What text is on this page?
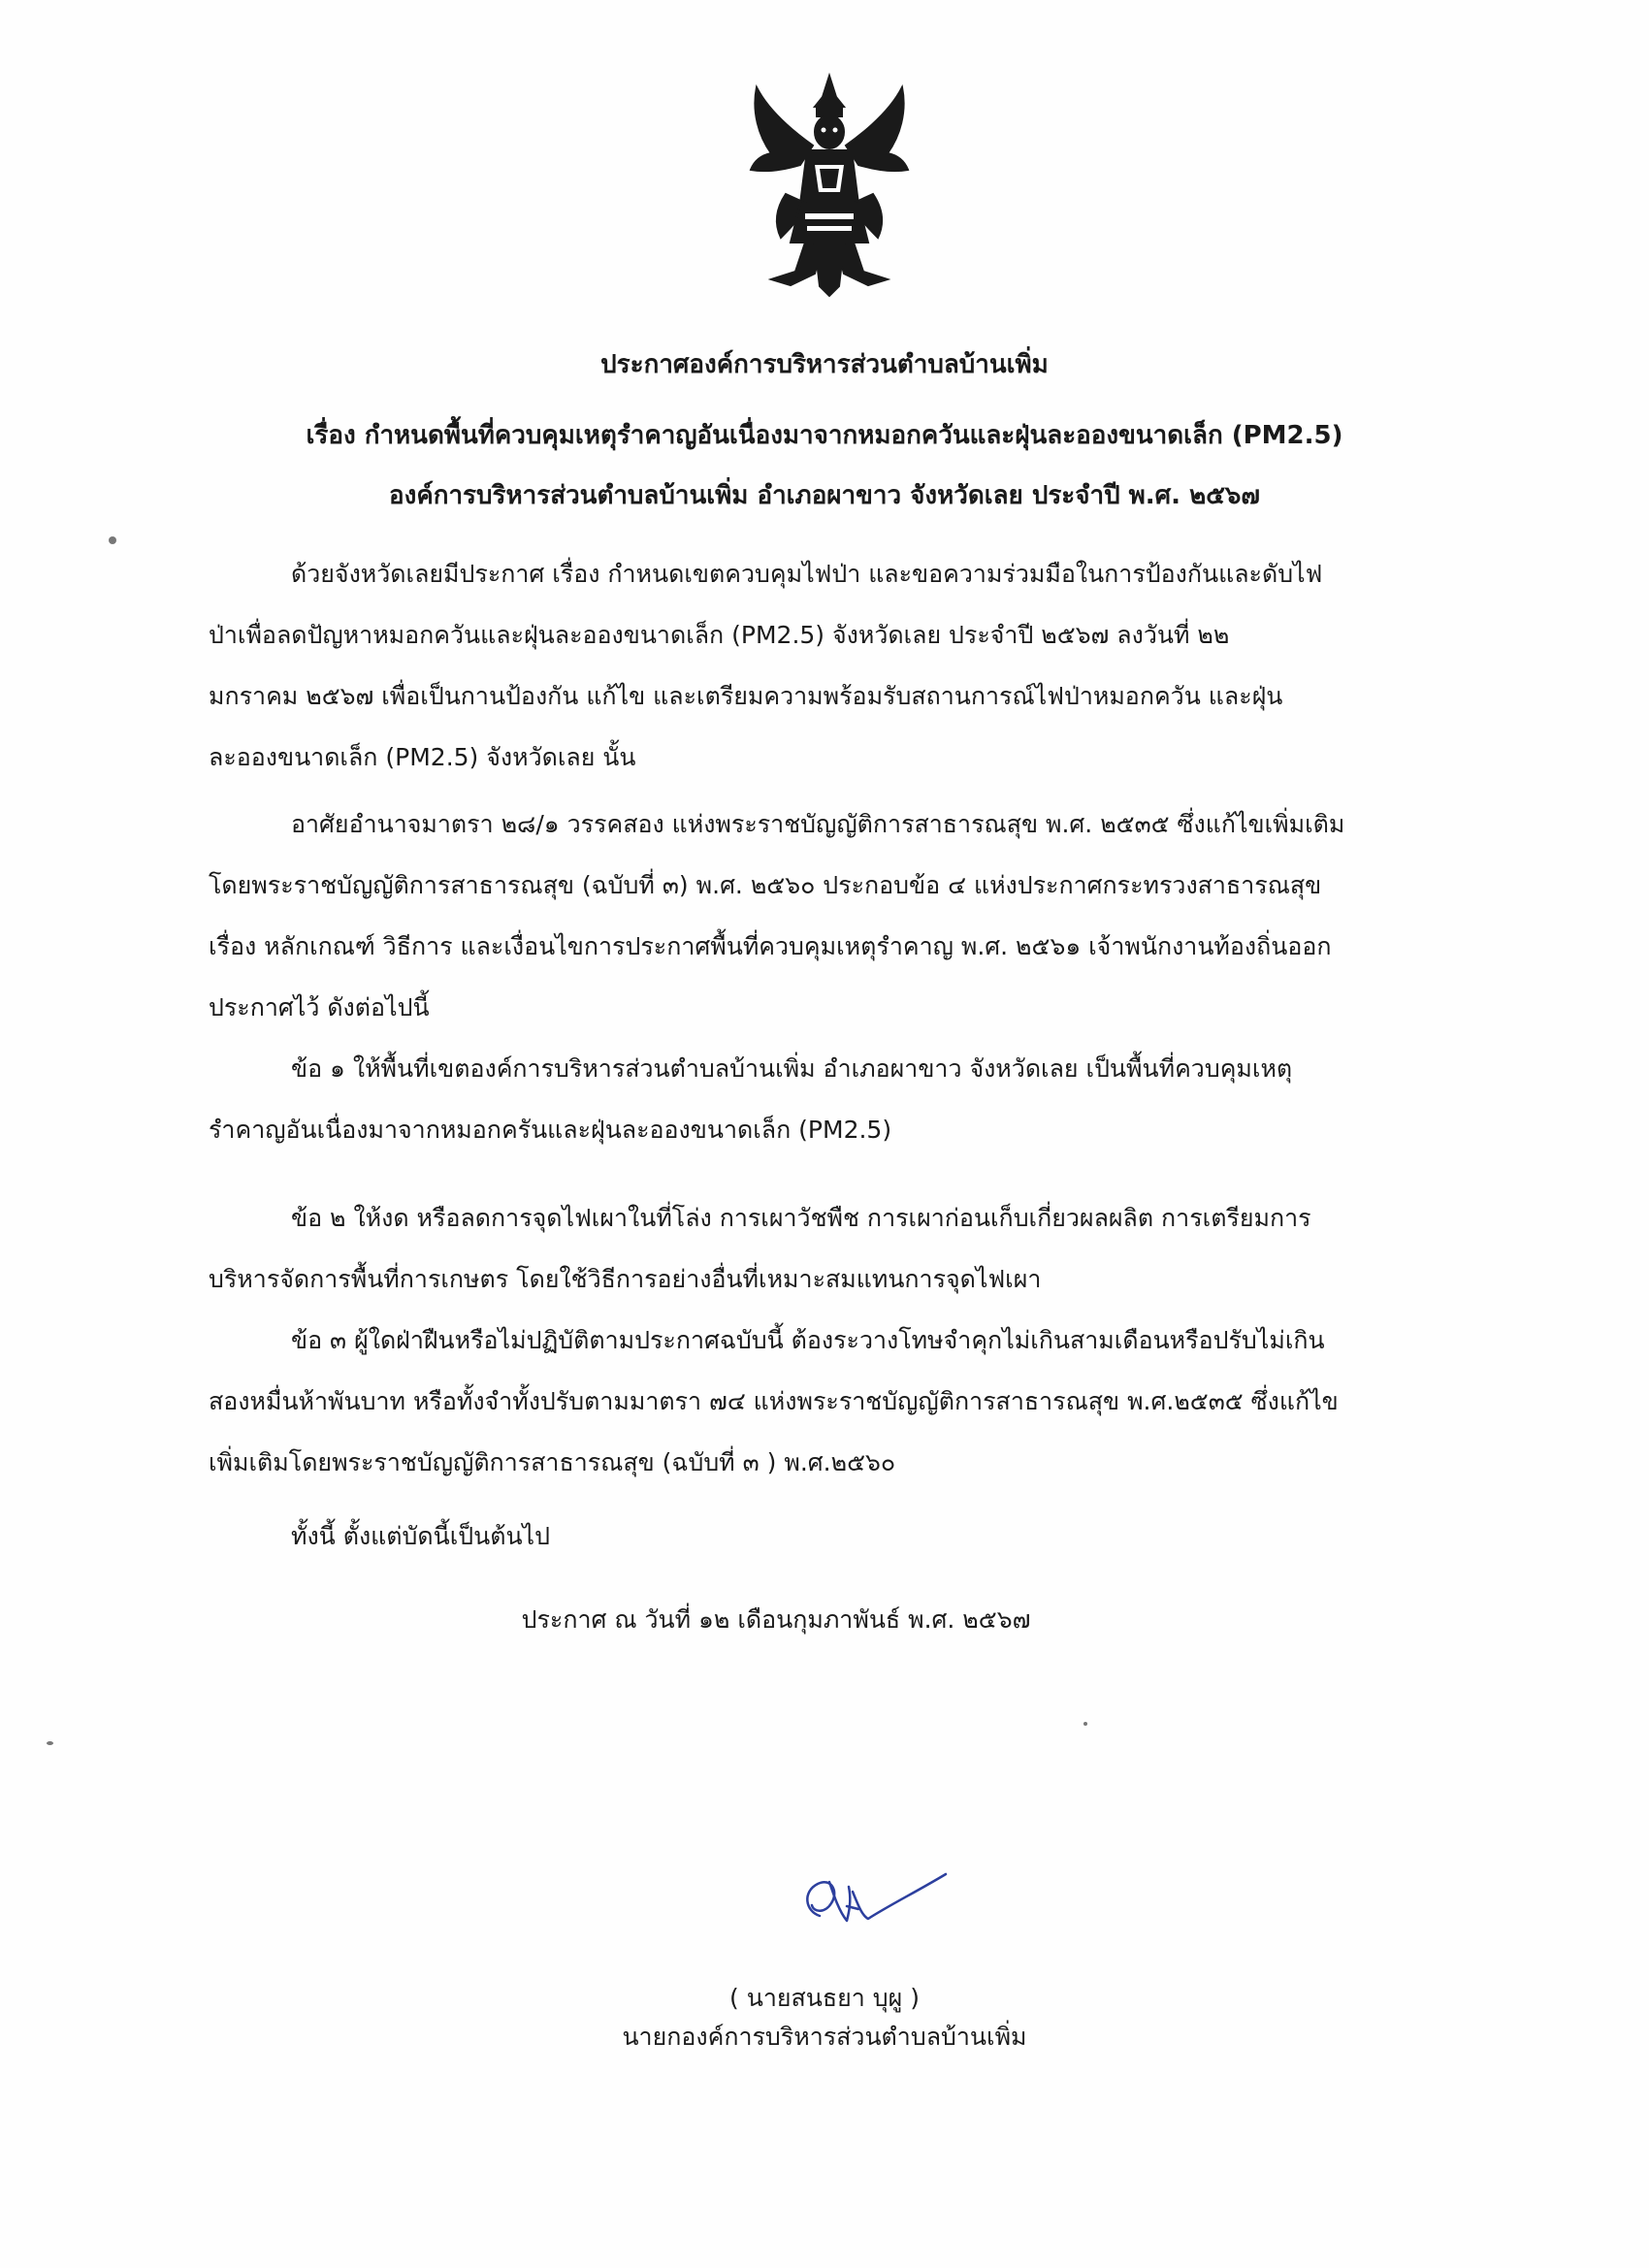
ประกาศองค์การบริหารส่วนตำบลบ้านเพิ่ม
เรื่อง กำหนดพื้นที่ควบคุมเหตุรำคาญอันเนื่องมาจากหมอกควันและฝุ่นละอองขนาดเล็ก (PM2.5)
องค์การบริหารส่วนตำบลบ้านเพิ่ม อำเภอผาขาว จังหวัดเลย ประจำปี พ.ศ. ๒๕๖๗
ด้วยจังหวัดเลยมีประกาศ เรื่อง กำหนดเขตควบคุมไฟป่า และขอความร่วมมือในการป้องกันและดับไฟ
ป่าเพื่อลดปัญหาหมอกควันและฝุ่นละอองขนาดเล็ก (PM2.5) จังหวัดเลย ประจำปี ๒๕๖๗ ลงวันที่ ๒๒
มกราคม ๒๕๖๗ เพื่อเป็นกานป้องกัน แก้ไข และเตรียมความพร้อมรับสถานการณ์ไฟป่าหมอกควัน และฝุ่น
ละอองขนาดเล็ก (PM2.5) จังหวัดเลย นั้น
อาศัยอำนาจมาตรา ๒๘/๑ วรรคสอง แห่งพระราชบัญญัติการสาธารณสุข พ.ศ. ๒๕๓๕ ซึ่งแก้ไขเพิ่มเติม
โดยพระราชบัญญัติการสาธารณสุข (ฉบับที่ ๓) พ.ศ. ๒๕๖๐ ประกอบข้อ ๔ แห่งประกาศกระทรวงสาธารณสุข
เรื่อง หลักเกณฑ์ วิธีการ และเงื่อนไขการประกาศพื้นที่ควบคุมเหตุรำคาญ พ.ศ. ๒๕๖๑ เจ้าพนักงานท้องถิ่นออก
ประกาศไว้ ดังต่อไปนี้
ข้อ ๑ ให้พื้นที่เขตองค์การบริหารส่วนตำบลบ้านเพิ่ม อำเภอผาขาว จังหวัดเลย เป็นพื้นที่ควบคุมเหตุ
รำคาญอันเนื่องมาจากหมอกครันและฝุ่นละอองขนาดเล็ก (PM2.5)
ข้อ ๒ ให้งด หรือลดการจุดไฟเผาในที่โล่ง การเผาวัชพืช การเผาก่อนเก็บเกี่ยวผลผลิต การเตรียมการ
บริหารจัดการพื้นที่การเกษตร โดยใช้วิธีการอย่างอื่นที่เหมาะสมแทนการจุดไฟเผา
ข้อ ๓ ผู้ใดฝ่าฝืนหรือไม่ปฏิบัติตามประกาศฉบับนี้ ต้องระวางโทษจำคุกไม่เกินสามเดือนหรือปรับไม่เกิน
สองหมื่นห้าพันบาท หรือทั้งจำทั้งปรับตามมาตรา ๗๔ แห่งพระราชบัญญัติการสาธารณสุข พ.ศ.๒๕๓๕ ซึ่งแก้ไข
เพิ่มเติมโดยพระราชบัญญัติการสาธารณสุข (ฉบับที่ ๓ ) พ.ศ.๒๕๖๐
ทั้งนี้ ตั้งแต่บัดนี้เป็นต้นไป
ประกาศ ณ วันที่ ๑๒ เดือนกุมภาพันธ์ พ.ศ. ๒๕๖๗
( นายสนธยา บุผู )
นายกองค์การบริหารส่วนตำบลบ้านเพิ่ม
